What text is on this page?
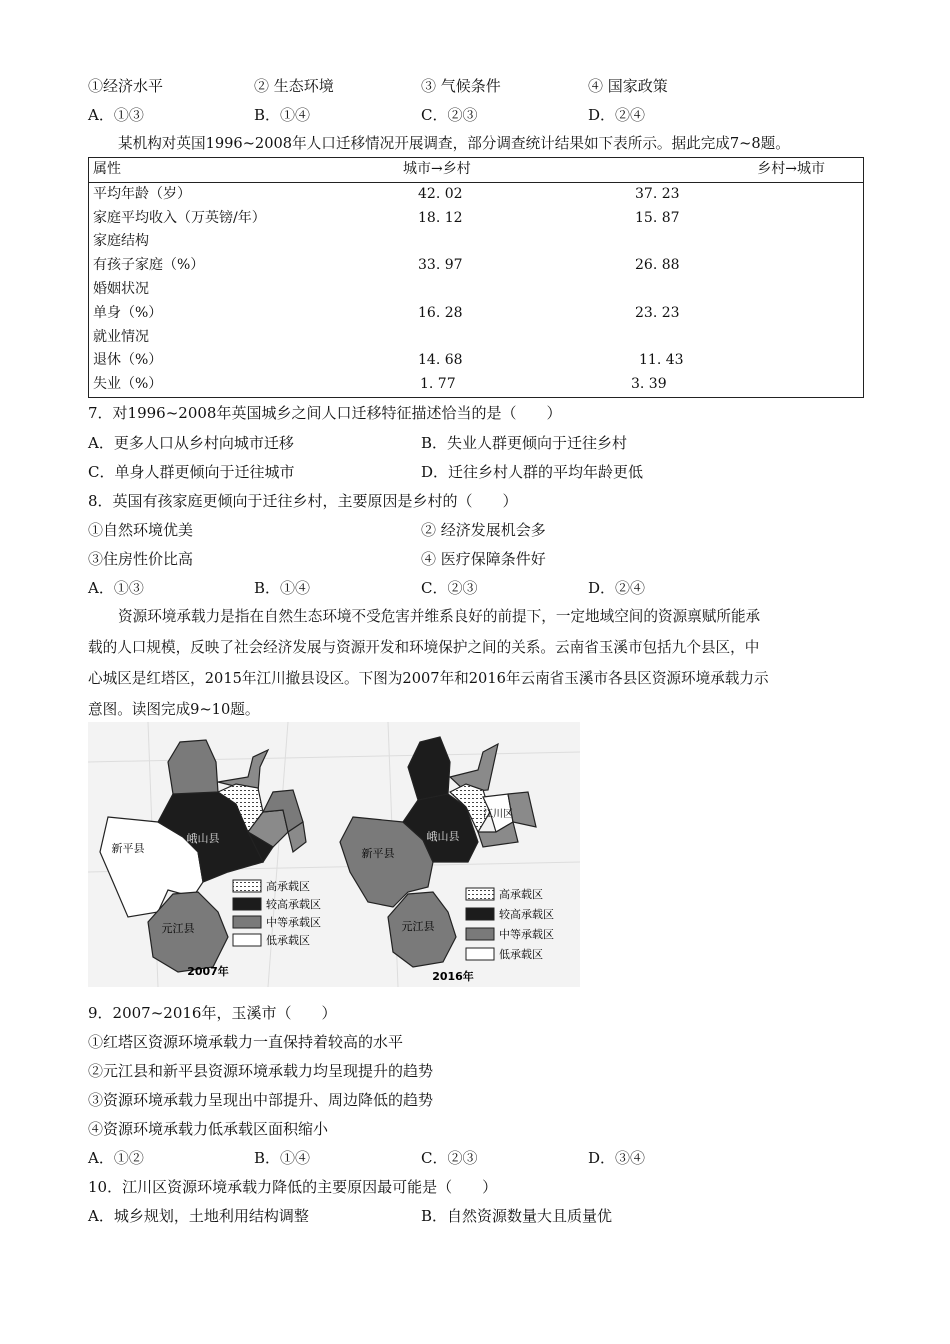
①经济水平	② 生态环境	③ 气候条件	④ 国家政策
A．①③	B．①④	C．②③	D．②④
某机构对英国1996~2008年人口迁移情况开展调查，部分调查统计结果如下表所示。据此完成7~8题。
属性	城市→乡村	乡村→城市
平均年龄（岁）	42. 02	37. 23
家庭平均收入（万英镑/年）	18. 12	15. 87
家庭结构		
有孩子家庭（%）	33. 97	26. 88
婚姻状况		
单身（%）	16. 28	23. 23
就业情况		
退休（%）	14. 68	11. 43
失业（%）	1. 77	3. 39
7．对1996~2008年英国城乡之间人口迁移特征描述恰当的是（　　）
A．更多人口从乡村向城市迁移	B．失业人群更倾向于迁往乡村
C．单身人群更倾向于迁往城市	D．迁往乡村人群的平均年龄更低
8．英国有孩家庭更倾向于迁往乡村，主要原因是乡村的（　　）
①自然环境优美	② 经济发展机会多
③住房性价比高	④ 医疗保障条件好
A．①③	B．①④	C．②③	D．②④
资源环境承载力是指在自然生态环境不受危害并维系良好的前提下，一定地域空间的资源禀赋所能承
载的人口规模，反映了社会经济发展与资源开发和环境保护之间的关系。云南省玉溪市包括九个县区，中
心城区是红塔区，2015年江川撤县设区。下图为2007年和2016年云南省玉溪市各县区资源环境承载力示
意图。读图完成9~10题。
峨山县
新平县
元江县
2007年
高承载区
较高承载区
中等承载区
低承载区
峨山县
新平县
元江县
江川区
2016年
高承载区
较高承载区
中等承载区
低承载区
9．2007~2016年，玉溪市（　　）
①红塔区资源环境承载力一直保持着较高的水平
②元江县和新平县资源环境承载力均呈现提升的趋势
③资源环境承载力呈现出中部提升、周边降低的趋势
④资源环境承载力低承载区面积缩小
A．①②	B．①④	C．②③	D．③④
10．江川区资源环境承载力降低的主要原因最可能是（　　）
A．城乡规划，土地利用结构调整	B．自然资源数量大且质量优
